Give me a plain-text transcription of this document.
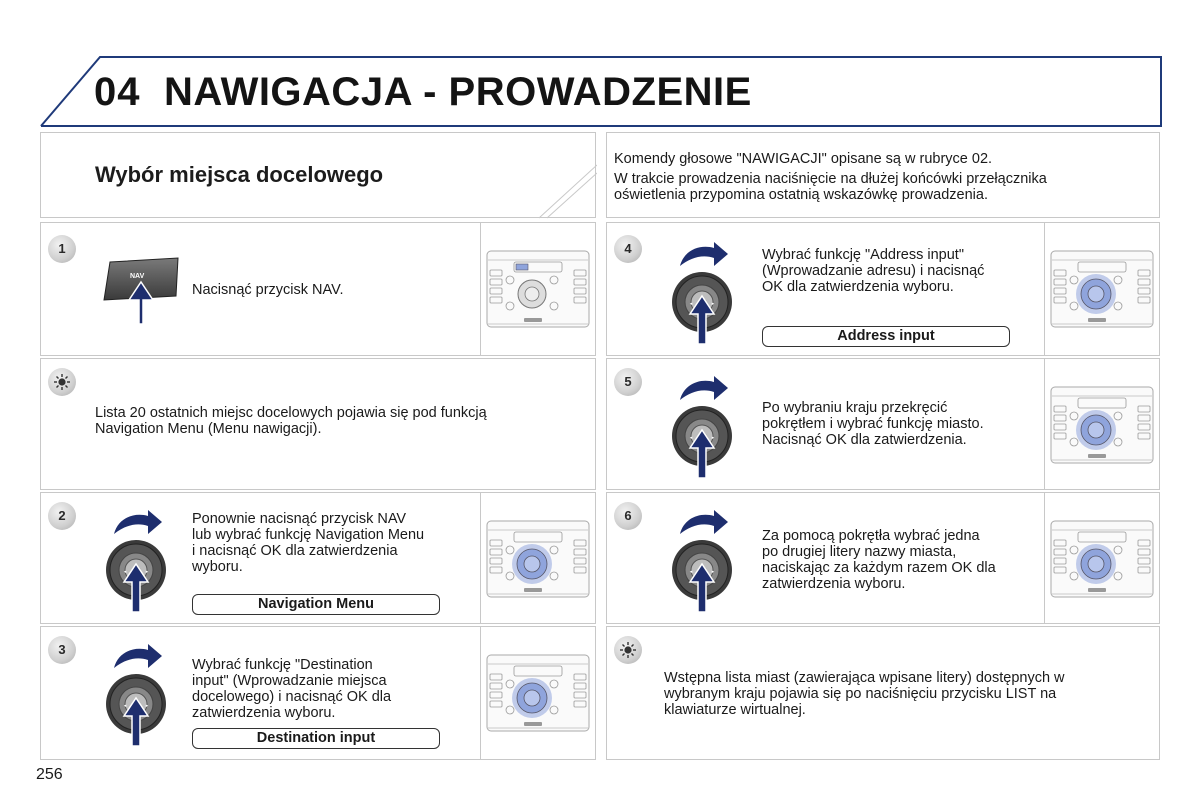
04 NAWIGACJA - PROWADZENIE
Wybór miejsca docelowego
Komendy głosowe "NAWIGACJI" opisane są w rubryce 02.
W trakcie prowadzenia naciśnięcie na dłużej końcówki przełącznika
oświetlenia przypomina ostatnią wskazówkę prowadzenia.
1
2
3
4
5
6
NAV
Nacisnąć przycisk NAV.
Lista 20 ostatnich miejsc docelowych pojawia się pod funkcją
Navigation Menu (Menu nawigacji).
◂	▸
◂	▸
◂	▸
◂	▸
◂	▸
Ponownie nacisnąć przycisk NAV
lub wybrać funkcję Navigation Menu
i nacisnąć OK dla zatwierdzenia
wyboru.
Navigation Menu
Wybrać funkcję "Destination
input" (Wprowadzanie miejsca
docelowego) i nacisnąć OK dla
zatwierdzenia wyboru.
Destination input
Wybrać funkcję "Address input"
(Wprowadzanie adresu) i nacisnąć
OK dla zatwierdzenia wyboru.
Address input
Po wybraniu kraju przekręcić
pokrętłem i wybrać funkcję miasto.
Nacisnąć OK dla zatwierdzenia.
Za pomocą pokrętła wybrać jedna
po drugiej litery nazwy miasta,
naciskając za każdym razem OK dla
zatwierdzenia wyboru.
Wstępna lista miast (zawierająca wpisane litery) dostępnych w
wybranym kraju pojawia się po naciśnięciu przycisku LIST na
klawiaturze wirtualnej.
256
